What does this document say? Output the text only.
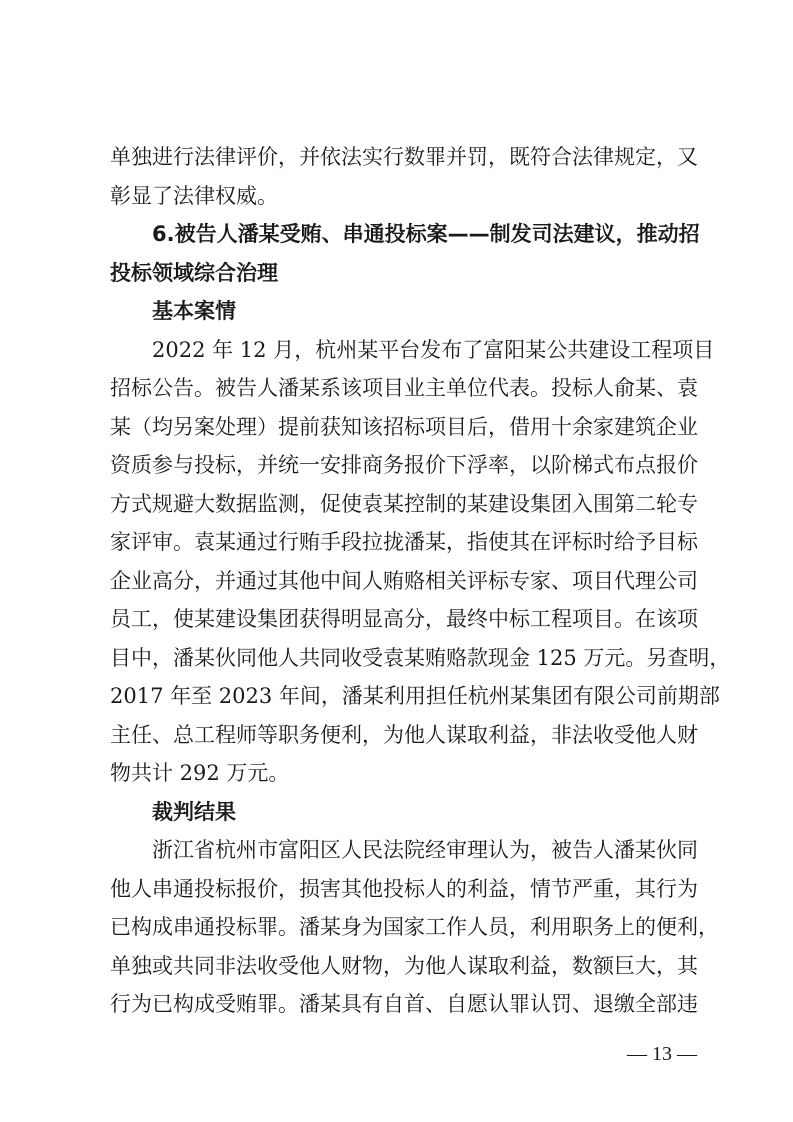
单独进行法律评价，并依法实行数罪并罚，既符合法律规定，又

彰显了法律权威。

6.被告人潘某受贿、串通投标案——制发司法建议，推动招

投标领域综合治理

基本案情

2022 年 12 月，杭州某平台发布了富阳某公共建设工程项目

招标公告。被告人潘某系该项目业主单位代表。投标人俞某、袁

某（均另案处理）提前获知该招标项目后，借用十余家建筑企业

资质参与投标，并统一安排商务报价下浮率，以阶梯式布点报价

方式规避大数据监测，促使袁某控制的某建设集团入围第二轮专

家评审。袁某通过行贿手段拉拢潘某，指使其在评标时给予目标

企业高分，并通过其他中间人贿赂相关评标专家、项目代理公司

员工，使某建设集团获得明显高分，最终中标工程项目。在该项

目中，潘某伙同他人共同收受袁某贿赂款现金 125 万元。另查明，

2017 年至 2023 年间，潘某利用担任杭州某集团有限公司前期部

主任、总工程师等职务便利，为他人谋取利益，非法收受他人财

物共计 292 万元。

裁判结果

浙江省杭州市富阳区人民法院经审理认为，被告人潘某伙同

他人串通投标报价，损害其他投标人的利益，情节严重，其行为

已构成串通投标罪。潘某身为国家工作人员，利用职务上的便利，

单独或共同非法收受他人财物，为他人谋取利益，数额巨大，其

行为已构成受贿罪。潘某具有自首、自愿认罪认罚、退缴全部违

— 13 —
